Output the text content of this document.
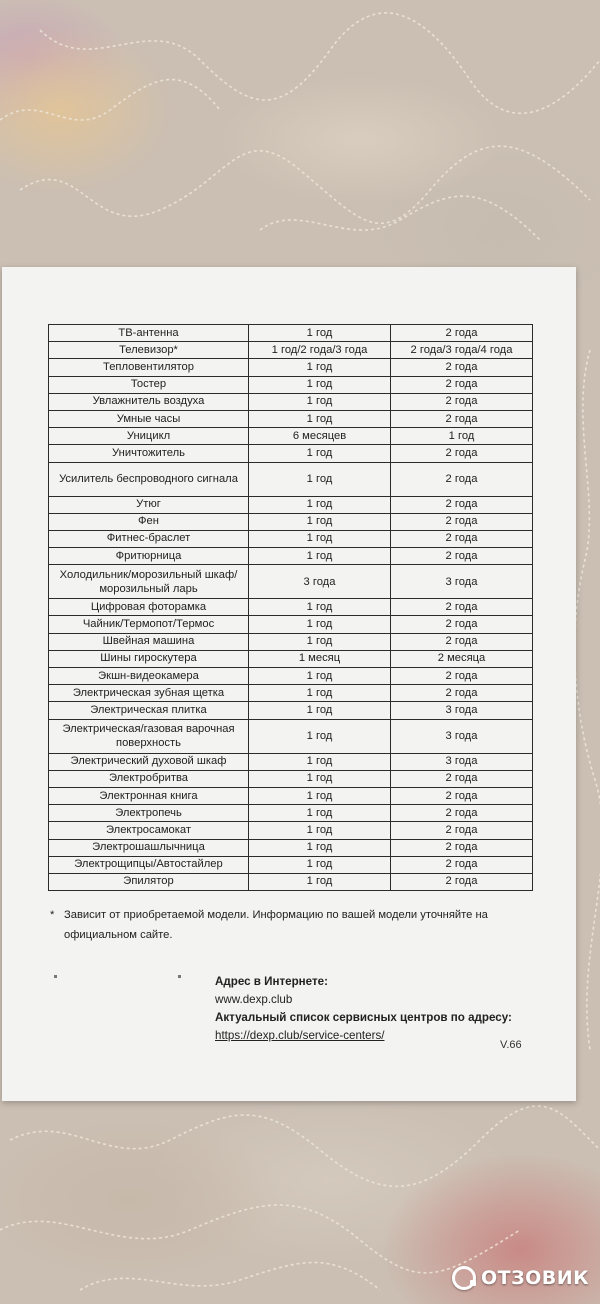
ТВ-антенна	1 год	2 года
Телевизор*	1 год/2 года/3 года	2 года/3 года/4 года
Тепловентилятор	1 год	2 года
Тостер	1 год	2 года
Увлажнитель воздуха	1 год	2 года
Умные часы	1 год	2 года
Уницикл	6 месяцев	1 год
Уничтожитель	1 год	2 года
Усилитель беспроводного сигнала	1 год	2 года
Утюг	1 год	2 года
Фен	1 год	2 года
Фитнес-браслет	1 год	2 года
Фритюрница	1 год	2 года
Холодильник/морозильный шкаф/морозильный ларь	3 года	3 года
Цифровая фоторамка	1 год	2 года
Чайник/Термопот/Термос	1 год	2 года
Швейная машина	1 год	2 года
Шины гироскутера	1 месяц	2 месяца
Экшн-видеокамера	1 год	2 года
Электрическая зубная щетка	1 год	2 года
Электрическая плитка	1 год	3 года
Электрическая/газовая варочная поверхность	1 год	3 года
Электрический духовой шкаф	1 год	3 года
Электробритва	1 год	2 года
Электронная книга	1 год	2 года
Электропечь	1 год	2 года
Электросамокат	1 год	2 года
Электрошашлычница	1 год	2 года
Электрощипцы/Автостайлер	1 год	2 года
Эпилятор	1 год	2 года
* Зависит от приобретаемой модели. Информацию по вашей модели уточняйте на официальном сайте.
Адрес в Интернете:
www.dexp.club
Актуальный список сервисных центров по адресу:
https://dexp.club/service-centers/
V.66
ОТЗОВИК
